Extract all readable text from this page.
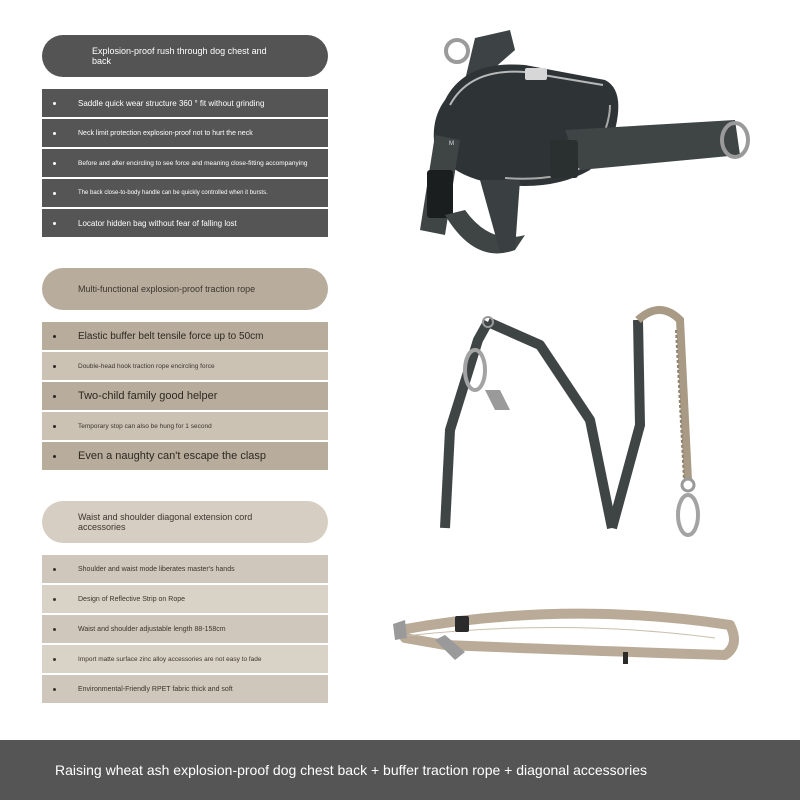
Explosion-proof rush through dog chest and back
Saddle quick wear structure 360 ° fit without grinding
Neck limit protection explosion-proof not to hurt the neck
Before and after encircling to see force and meaning close-fitting accompanying
The back close-to-body handle can be quickly controlled when it bursts.
Locator hidden bag without fear of falling lost
Multi-functional explosion-proof traction rope
Elastic buffer belt tensile force up to 50cm
Double-head hook traction rope encircling force
Two-child family good helper
Temporary stop can also be hung for 1 second
Even a naughty can't escape the clasp
Waist and shoulder diagonal extension cord accessories
Shoulder and waist mode liberates master's hands
Design of Reflective Strip on Rope
Waist and shoulder adjustable length 88-158cm
Import matte surface zinc alloy accessories are not easy to fade
Environmental-Friendly RPET fabric thick and soft
M
Raising wheat ash explosion-proof dog chest back + buffer traction rope + diagonal accessories
